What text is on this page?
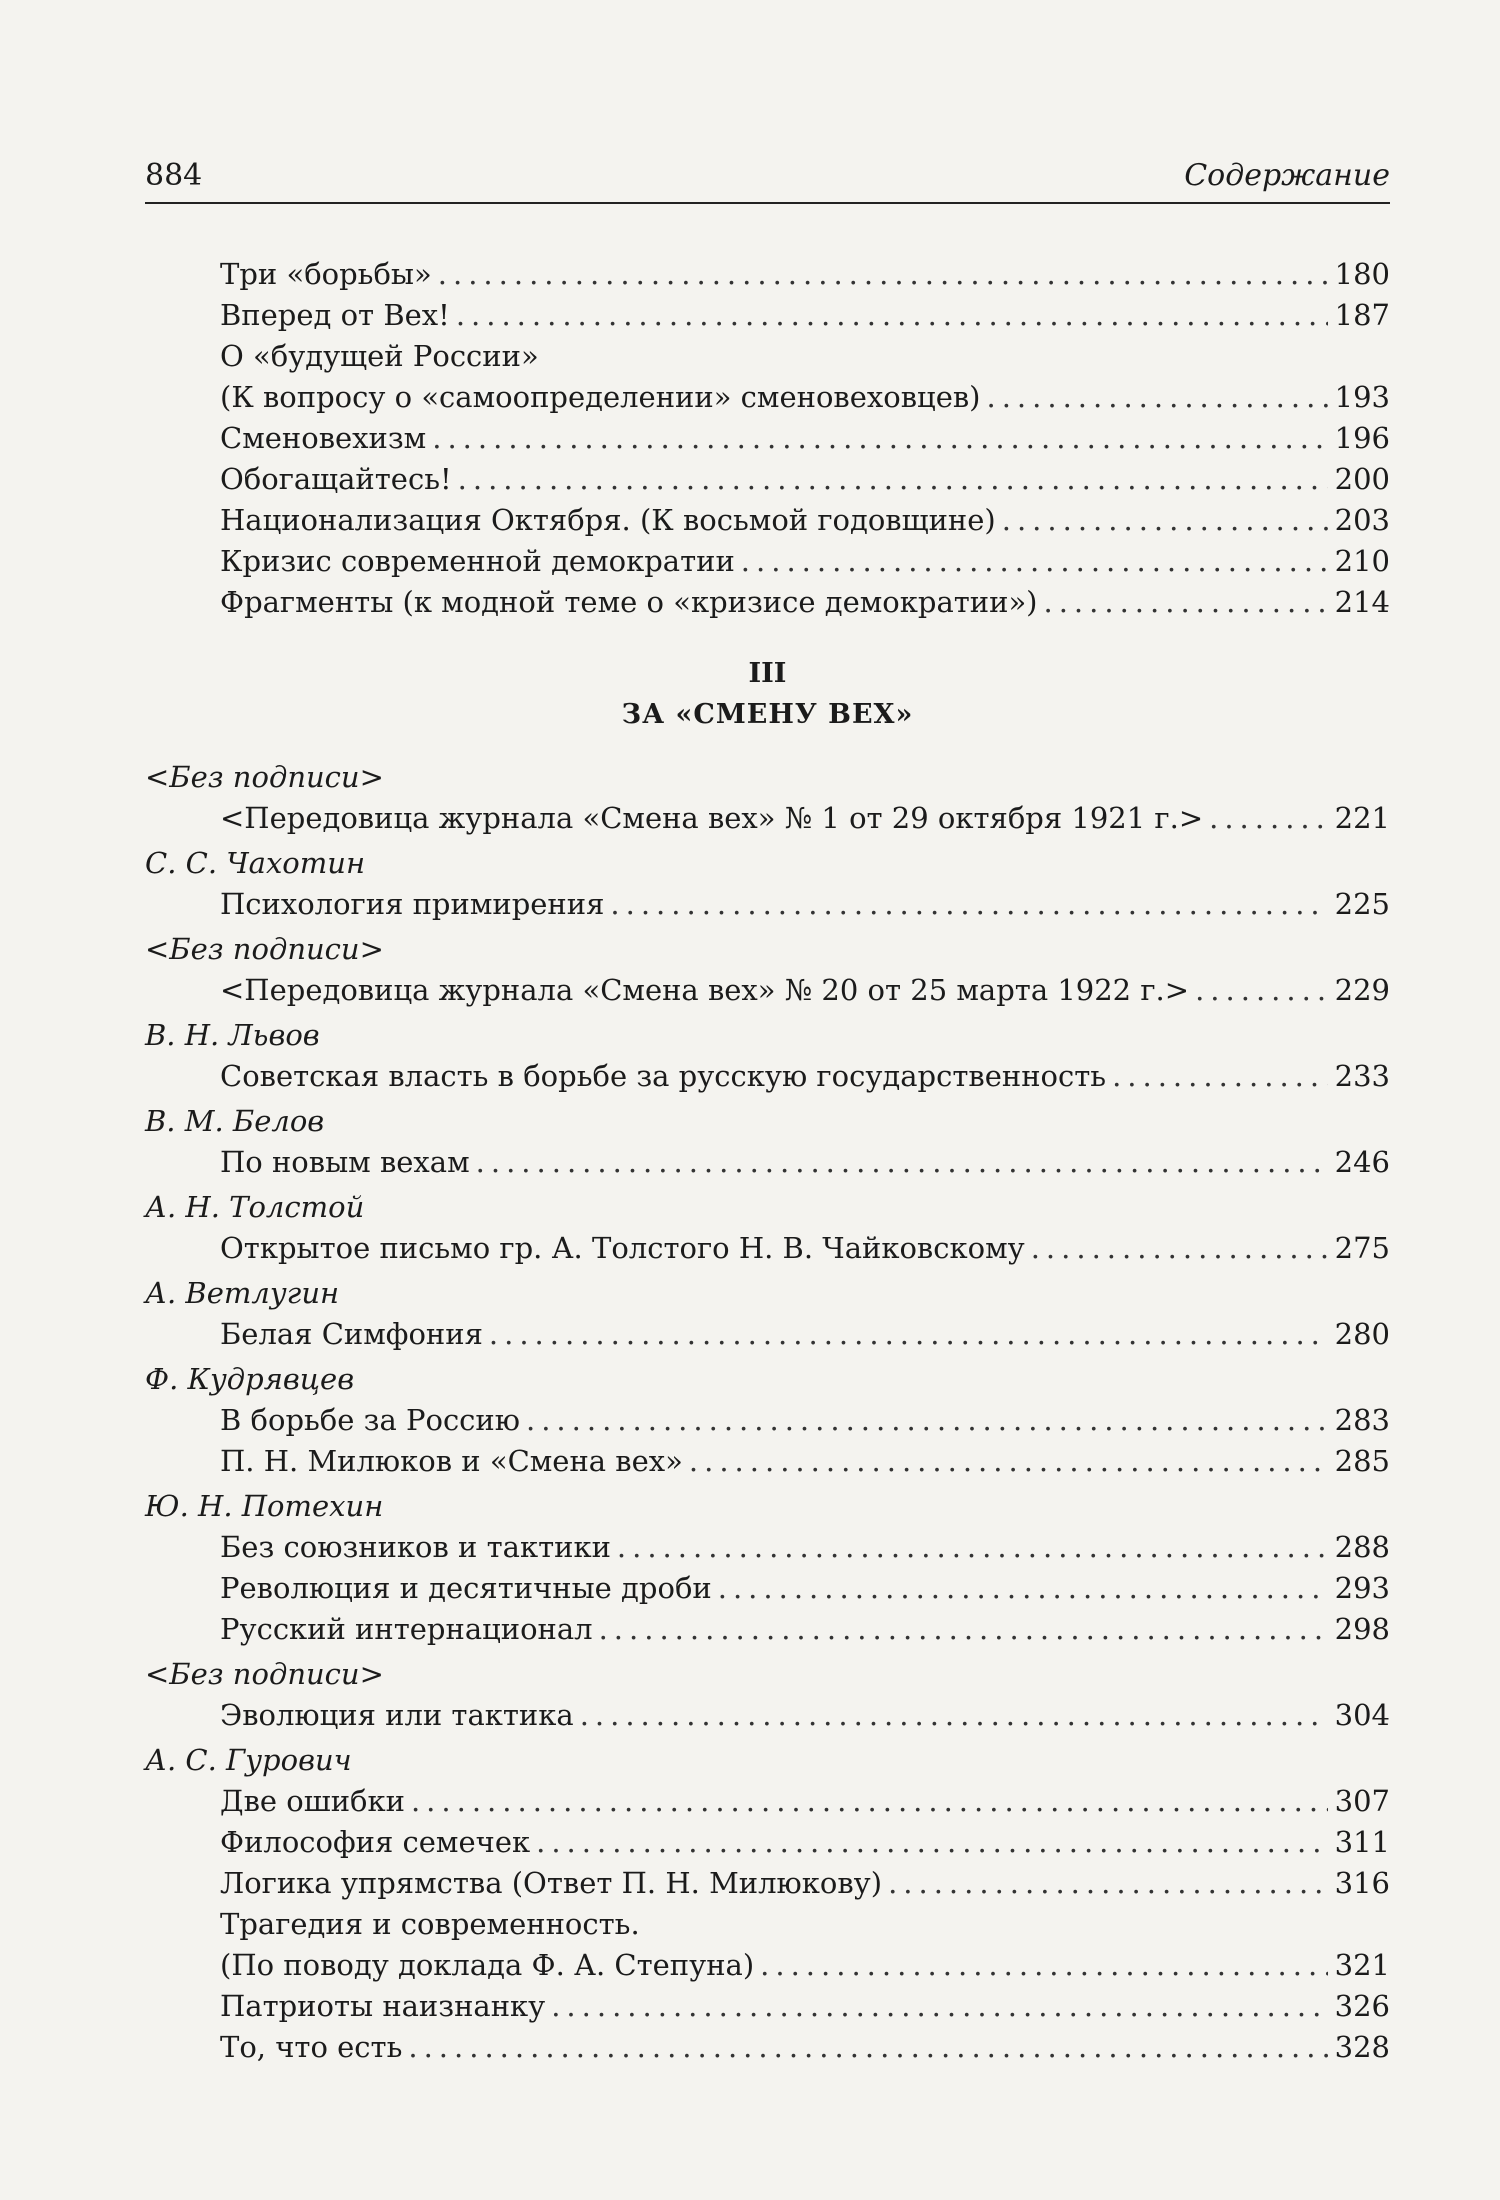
884	Содержание
Три «борьбы» .....	180
Вперед от Вех! .....	187
О «будущей России»
(К вопросу о «самоопределении» сменовеховцев) .....	193
Сменовехизм .....	196
Обогащайтесь! .....	200
Национализация Октября. (К восьмой годовщине) .....	203
Кризис современной демократии .....	210
Фрагменты (к модной теме о «кризисе демократии») .....	214
III
ЗА «СМЕНУ ВЕХ»
<Без подписи>
<Передовица журнала «Смена вех» № 1 от 29 октября 1921 г.> .....	221
С. С. Чахотин
Психология примирения .....	225
<Без подписи>
<Передовица журнала «Смена вех» № 20 от 25 марта 1922 г.> .....	229
В. Н. Львов
Советская власть в борьбе за русскую государственность .....	233
В. М. Белов
По новым вехам .....	246
А. Н. Толстой
Открытое письмо гр. А. Толстого Н. В. Чайковскому .....	275
А. Ветлугин
Белая Симфония .....	280
Ф. Кудрявцев
В борьбе за Россию .....	283
П. Н. Милюков и «Смена вех» .....	285
Ю. Н. Потехин
Без союзников и тактики .....	288
Революция и десятичные дроби .....	293
Русский интернационал .....	298
<Без подписи>
Эволюция или тактика .....	304
А. С. Гурович
Две ошибки .....	307
Философия семечек .....	311
Логика упрямства (Ответ П. Н. Милюкову) .....	316
Трагедия и современность.
(По поводу доклада Ф. А. Степуна) .....	321
Патриоты наизнанку .....	326
То, что есть .....	328
